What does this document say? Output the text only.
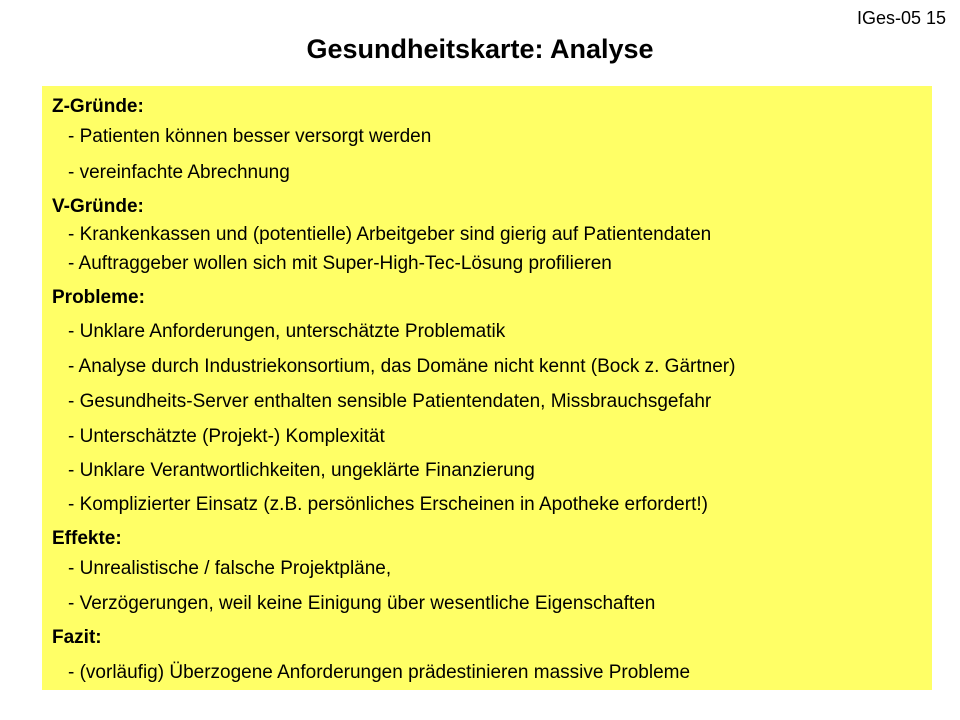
IGes-05 15
Gesundheitskarte: Analyse
Z-Gründe:
- Patienten können besser versorgt werden
- vereinfachte Abrechnung
V-Gründe:
- Krankenkassen und (potentielle) Arbeitgeber sind gierig auf Patientendaten
- Auftraggeber wollen sich mit Super-High-Tec-Lösung profilieren
Probleme:
- Unklare Anforderungen, unterschätzte Problematik
- Analyse durch Industriekonsortium, das Domäne nicht kennt (Bock z. Gärtner)
- Gesundheits-Server enthalten sensible Patientendaten, Missbrauchsgefahr
- Unterschätzte (Projekt-) Komplexität
- Unklare Verantwortlichkeiten, ungeklärte Finanzierung
- Komplizierter Einsatz (z.B. persönliches Erscheinen in Apotheke erfordert!)
Effekte:
- Unrealistische / falsche Projektpläne,
- Verzögerungen, weil keine Einigung über wesentliche Eigenschaften
Fazit:
- (vorläufig) Überzogene Anforderungen prädestinieren massive Probleme
